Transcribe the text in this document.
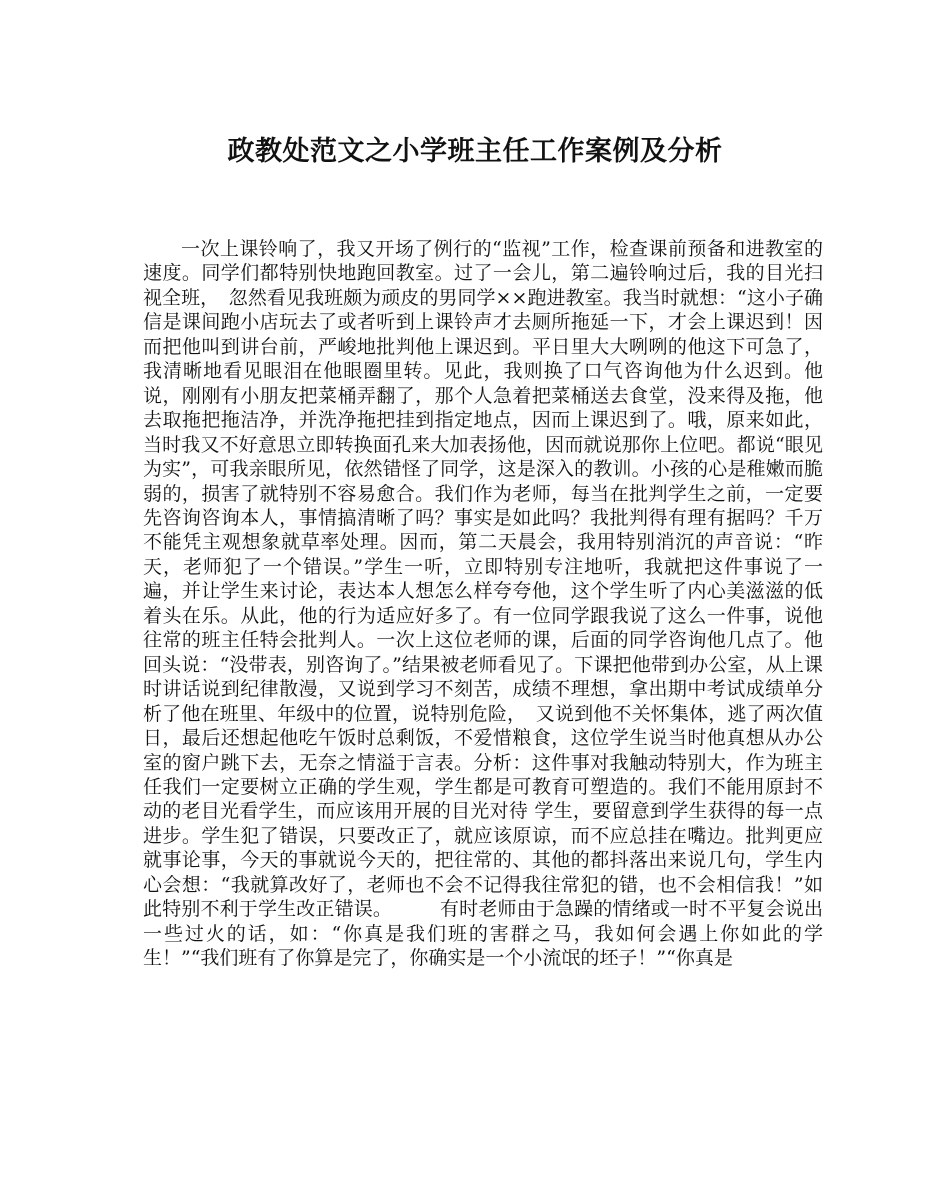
政教处范文之小学班主任工作案例及分析

一次上课铃响了，我又开场了例行的“监视”工作，检查课前预备和进教室的速度。同学们都特别快地跑回教室。过了一会儿，第二遍铃响过后，我的目光扫视全班，　忽然看见我班颇为顽皮的男同学××跑进教室。我当时就想：“这小子确信是课间跑小店玩去了或者听到上课铃声才去厕所拖延一下，才会上课迟到！因而把他叫到讲台前，严峻地批判他上课迟到。平日里大大咧咧的他这下可急了，我清晰地看见眼泪在他眼圈里转。见此，我则换了口气咨询他为什么迟到。他说，刚刚有小朋友把菜桶弄翻了，那个人急着把菜桶送去食堂，没来得及拖，他去取拖把拖洁净，并洗净拖把挂到指定地点，因而上课迟到了。哦，原来如此，当时我又不好意思立即转换面孔来大加表扬他，因而就说那你上位吧。都说“眼见为实”，可我亲眼所见，依然错怪了同学，这是深入的教训。小孩的心是稚嫩而脆弱的，损害了就特别不容易愈合。我们作为老师，每当在批判学生之前，一定要先咨询咨询本人，事情搞清晰了吗？事实是如此吗？我批判得有理有据吗？千万不能凭主观想象就草率处理。因而，第二天晨会，我用特别消沉的声音说：“昨天，老师犯了一个错误。”学生一听，立即特别专注地听，我就把这件事说了一遍，并让学生来讨论，表达本人想怎么样夸夸他，这个学生听了内心美滋滋的低着头在乐。从此，他的行为适应好多了。有一位同学跟我说了这么一件事，说他往常的班主任特会批判人。一次上这位老师的课，后面的同学咨询他几点了。他回头说：“没带表，别咨询了。”结果被老师看见了。下课把他带到办公室，从上课时讲话说到纪律散漫，又说到学习不刻苦，成绩不理想，拿出期中考试成绩单分析了他在班里、年级中的位置，说特别危险，　又说到他不关怀集体，逃了两次值日，最后还想起他吃午饭时总剩饭，不爱惜粮食，这位学生说当时他真想从办公室的窗户跳下去，无奈之情溢于言表。分析：这件事对我触动特别大，作为班主任我们一定要树立正确的学生观，学生都是可教育可塑造的。我们不能用原封不动的老目光看学生，而应该用开展的目光对待 学生，要留意到学生获得的每一点进步。学生犯了错误，只要改正了，就应该原谅，而不应总挂在嘴边。批判更应就事论事，今天的事就说今天的，把往常的、其他的都抖落出来说几句，学生内心会想：“我就算改好了，老师也不会不记得我往常犯的错，也不会相信我！”如此特别不利于学生改正错误。　　　有时老师由于急躁的情绪或一时不平复会说出一些过火的话，如：“你真是我们班的害群之马，我如何会遇上你如此的学生！”“我们班有了你算是完了，你确实是一个小流氓的坯子！”“你真是
